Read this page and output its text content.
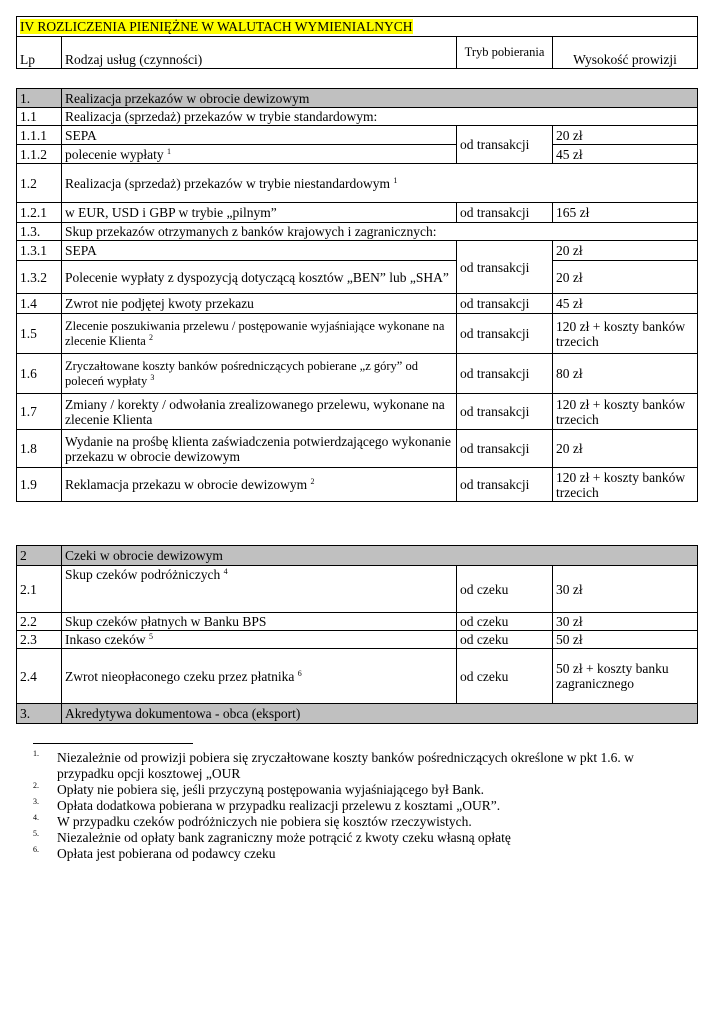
IV ROZLICZENIA PIENIĘŻNE W WALUTACH WYMIENIALNYCH
Lp	Rodzaj usług (czynności)	Tryb pobierania	Wysokość prowizji
1.	Realizacja przekazów w obrocie dewizowym		
1.1	Realizacja (sprzedaż) przekazów w trybie standardowym:		
1.1.1	SEPA	od transakcji	20 zł
1.1.2	polecenie wypłaty $^1$		45 zł
1.2	Realizacja (sprzedaż) przekazów w trybie niestandardowym $^1$
1.2.1	w EUR, USD i GBP w trybie „pilnym”	od transakcji	165 zł
1.3.	Skup przekazów otrzymanych z banków krajowych i zagranicznych:		
1.3.1	SEPA	od transakcji	20 zł
1.3.2	Polecenie wypłaty z dyspozycją dotyczącą kosztów „BEN” lub „SHA”		20 zł
1.4	Zwrot nie podjętej kwoty przekazu	od transakcji	45 zł
1.5	Zlecenie poszukiwania przelewu / postępowanie wyjaśniające wykonane na zlecenie Klienta $^2$	od transakcji	120 zł + koszty banków trzecich
1.6	Zryczałtowane koszty banków pośredniczących pobierane „z góry” od poleceń wypłaty $^3$	od transakcji	80 zł
1.7	Zmiany / korekty / odwołania zrealizowanego przelewu, wykonane na zlecenie Klienta	od transakcji	120 zł + koszty banków trzecich
1.8	Wydanie na prośbę klienta zaświadczenia potwierdzającego wykonanie przekazu w obrocie dewizowym	od transakcji	20 zł
1.9	Reklamacja przekazu w obrocie dewizowym $^2$	od transakcji	120 zł + koszty banków trzecich
2	Czeki w obrocie dewizowym		
2.1	Skup czeków podróżniczych $^4$	od czeku	30 zł
2.2	Skup czeków płatnych w Banku BPS	od czeku	30 zł
2.3	Inkaso czeków $^5$	od czeku	50 zł
2.4	Zwrot nieopłaconego czeku przez płatnika $^6$	od czeku	50 zł + koszty banku zagranicznego
3.	Akredytywa dokumentowa - obca (eksport)		
1. Niezależnie od prowizji pobiera się zryczałtowane koszty banków pośredniczących określone w pkt 1.6. w przypadku opcji kosztowej „OUR
2. Opłaty nie pobiera się, jeśli przyczyną postępowania wyjaśniającego był Bank.
3. Opłata dodatkowa pobierana w przypadku realizacji przelewu z kosztami „OUR”.
4. W przypadku czeków podróżniczych nie pobiera się kosztów rzeczywistych.
5. Niezależnie od opłaty bank zagraniczny może potrącić z kwoty czeku własną opłatę
6. Opłata jest pobierana od podawcy czeku
